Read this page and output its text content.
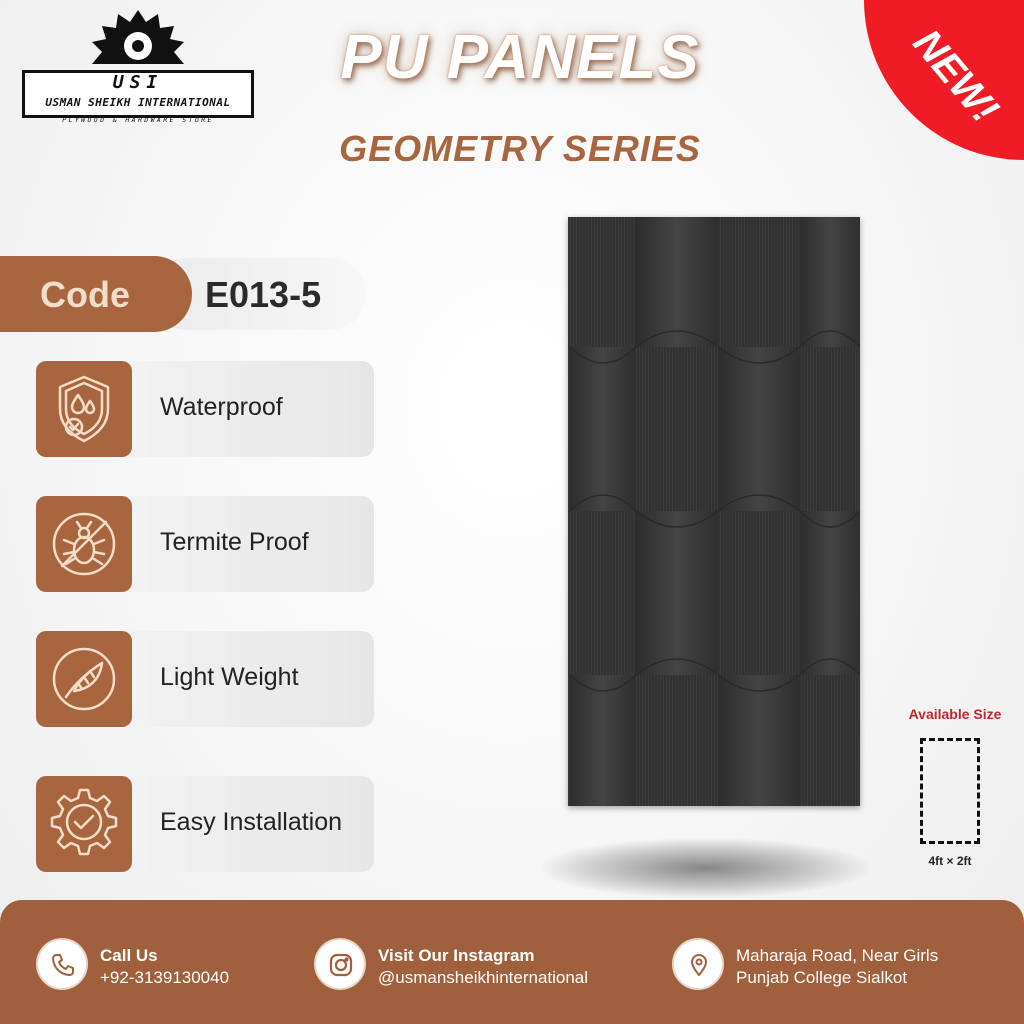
USI
USMAN SHEIKH INTERNATIONAL
PLYWOOD & HARDWARE STORE
PU PANELS
GEOMETRY SERIES
NEW!
E013-5
Code
Waterproof
Termite Proof
Light Weight
Easy Installation
Available Size
4ft × 2ft
Call Us
+92-3139130040
Visit Our Instagram
@usmansheikhinternational
Maharaja Road, Near Girls
Punjab College Sialkot
